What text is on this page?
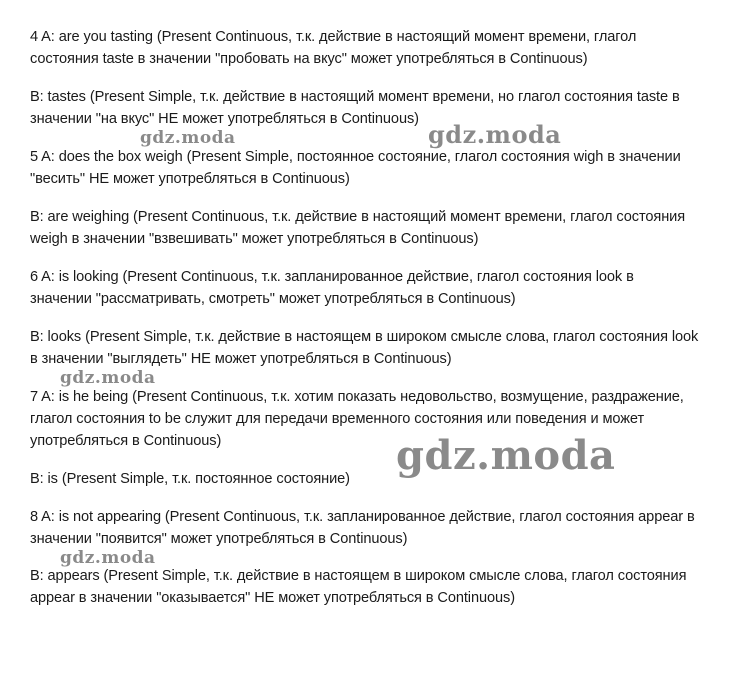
4 A: are you tasting (Present Continuous, т.к. действие в настоящий момент времени, глагол
состояния taste в значении "пробовать на вкус" может употребляться в Continuous)

B: tastes (Present Simple, т.к. действие в настоящий момент времени, но глагол состояния taste в
значении "на вкус" НЕ может употребляться в Continuous)

5 A: does the box weigh (Present Simple, постоянное состояние, глагол состояния wigh в значении
"весить" НЕ может употребляться в Continuous)

B: are weighing (Present Continuous, т.к. действие в настоящий момент времени, глагол состояния
weigh в значении "взвешивать" может употребляться в Continuous)

6 A: is looking (Present Continuous, т.к. запланированное действие, глагол состояния look в
значении "рассматривать, смотреть" может употребляться в Continuous)

B: looks (Present Simple, т.к. действие в настоящем в широком смысле слова, глагол состояния look
в значении "выглядеть" НЕ может употребляться в Continuous)

7 A: is he being (Present Continuous, т.к. хотим показать недовольство, возмущение, раздражение,
глагол состояния to be служит для передачи временного состояния или поведения и может
употребляться в Continuous)

B: is (Present Simple, т.к. постоянное состояние)

8 A: is not appearing (Present Continuous, т.к. запланированное действие, глагол состояния appear в
значении "появится" может употребляться в Continuous)

B: appears (Present Simple, т.к. действие в настоящем в широком смысле слова, глагол состояния
appear в значении "оказывается" НЕ может употребляться в Continuous)

gdz.moda	gdz.moda
gdz.moda
gdz.moda
gdz.moda
